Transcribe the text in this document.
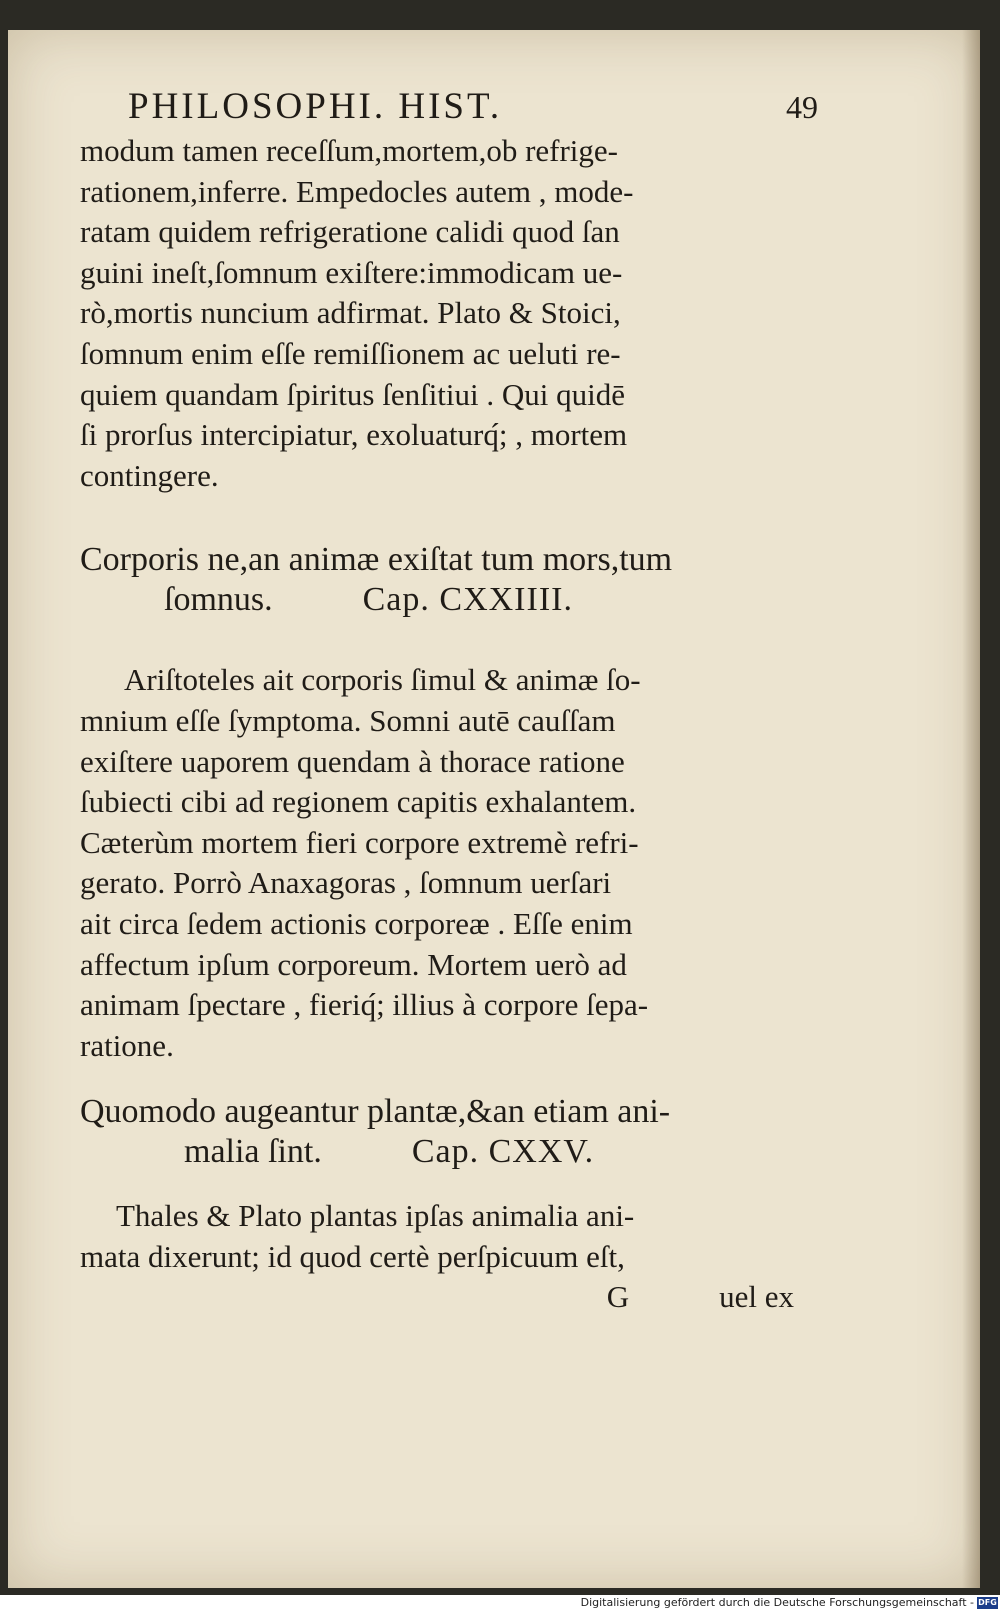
PHILOSOPHI. HIST.	49

modum tamen receſſum,mortem,ob refrige-
rationem,inferre. Empedocles autem , mode-
ratam quidem refrigeratione calidi quod ſan
guini ineſt,ſomnum exiſtere:immodicam ue-
rò,mortis nuncium adfirmat. Plato & Stoici,
ſomnum enim eſſe remiſſionem ac ueluti re-
quiem quandam ſpiritus ſenſitiui . Qui quidē
ſi prorſus intercipiatur, exoluaturq́; , mortem
contingere.

Corporis ne,an animæ exiſtat tum mors,tum
ſomnus.	Cap. CXXIIII.

Ariſtoteles ait corporis ſimul & animæ ſo-
mnium eſſe ſymptoma. Somni autē cauſſam
exiſtere uaporem quendam à thorace ratione
ſubiecti cibi ad regionem capitis exhalantem.
Cæterùm mortem fieri corpore extremè refri-
gerato. Porrò Anaxagoras , ſomnum uerſari
ait circa ſedem actionis corporeæ . Eſſe enim
affectum ipſum corporeum. Mortem uerò ad
animam ſpectare , fieriq́; illius à corpore ſepa-
ratione.

Quomodo augeantur plantæ,&an etiam ani-
malia ſint.	Cap. CXXV.

Thales & Plato plantas ipſas animalia ani-
mata dixerunt; id quod certè perſpicuum eſt,

G	uel ex
Digitalisierung gefördert durch die Deutsche Forschungsgemeinschaft - DFG
